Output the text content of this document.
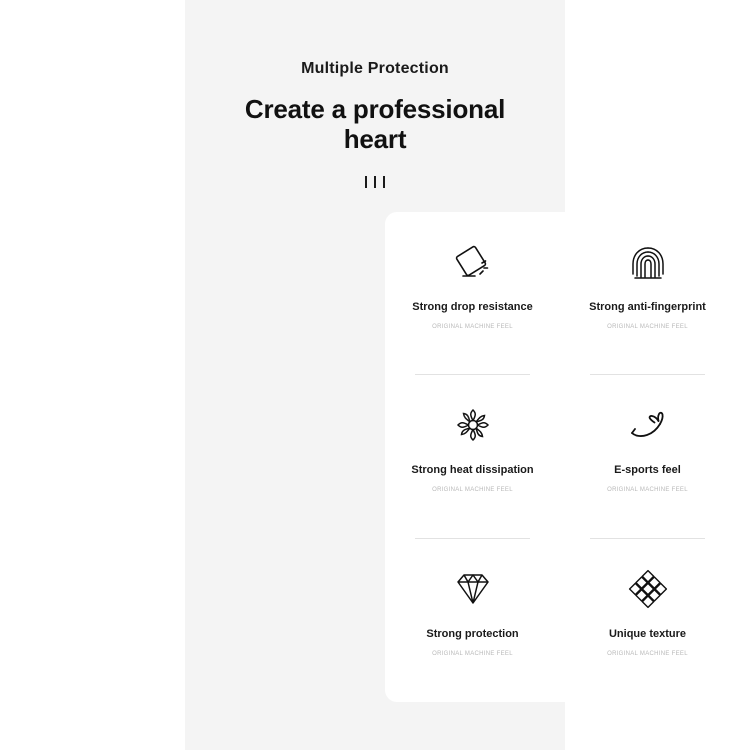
Multiple Protection
Create a professional heart
Strong drop resistance
ORIGINAL MACHINE FEEL
Strong anti-fingerprint
ORIGINAL MACHINE FEEL
Strong heat dissipation
ORIGINAL MACHINE FEEL
E-sports feel
ORIGINAL MACHINE FEEL
Strong protection
ORIGINAL MACHINE FEEL
Unique texture
ORIGINAL MACHINE FEEL
